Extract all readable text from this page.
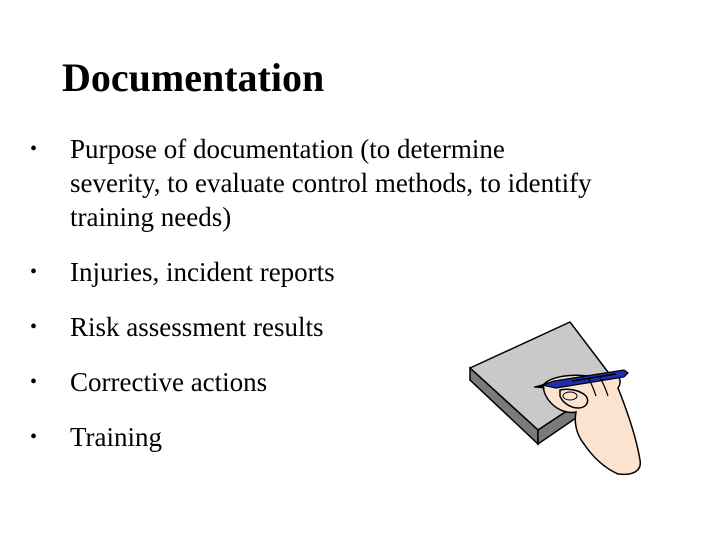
Documentation
•	Purpose of documentation (to determine severity, to evaluate control methods, to identify training needs)
•	Injuries, incident reports
•	Risk assessment results
•	Corrective actions
•	Training
